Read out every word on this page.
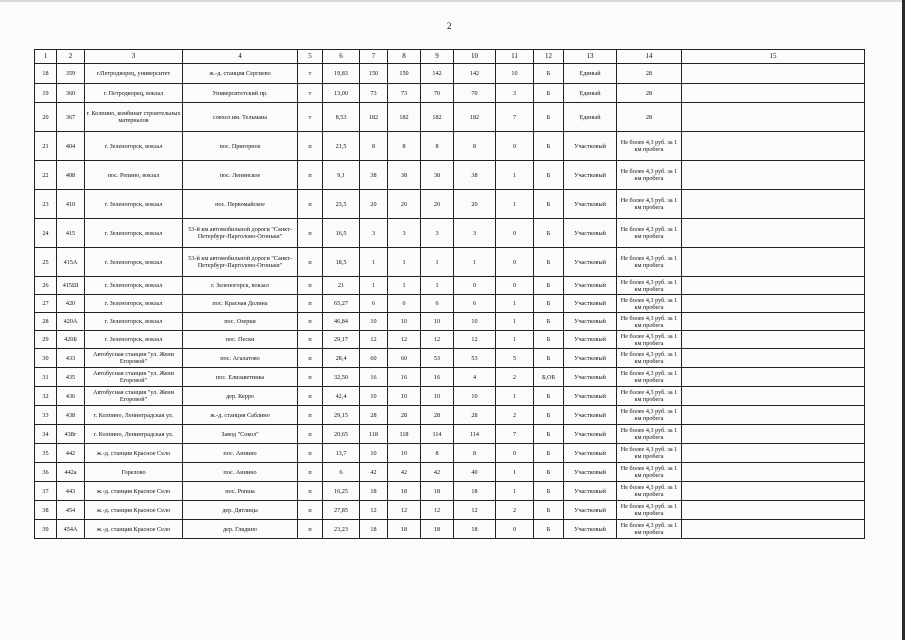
2
1	2	3	4	5	6	7	8	9	10	11	12	13	14	15
18	359	г.Петродворец, университет	ж.-д. станция Сергиево	т	19,83	150	150	142	142	10	Б	Единый	28	
19	360	г. Петродворец, вокзал	Университетский пр.	т	13,00	73	73	70	70	3	Б	Единый	28	
20	367	г. Колпино, комбинат строительных материалов	совхоз им. Тельмана	т	8,53	182	182	182	182	7	Б	Единый	28	
21	404	г. Зеленогорск, вокзал	пос. Пригорное	п	21,5	8	8	8	8	0	Б	Участковый	Не более 4,3 руб. за 1 км пробега	
22	408	пос. Репино, вокзал	пос. Ленинское	п	9,1	38	38	38	38	1	Б	Участковый	Не более 4,3 руб. за 1 км пробега	
23	410	г. Зеленогорск, вокзал	пос. Первомайское	п	23,5	20	20	20	20	1	Б	Участковый	Не более 4,3 руб. за 1 км пробега	
24	415	г. Зеленогорск, вокзал	53-й км автомобильной дороги "Санкт-Петербург-Парголово-Огоньки"	п	16,5	3	3	3	3	0	Б	Участковый	Не более 4,3 руб. за 1 км пробега	
25	415А	г. Зеленогорск, вокзал	53-й км автомобильной дороги "Санкт-Петербург-Парголово-Огоньки"	п	18,5	1	1	1	1	0	Б	Участковый	Не более 4,3 руб. за 1 км пробега	
26	415Ш	г. Зеленогорск, вокзал	г. Зеленогорск, вокзал	п	21	1	1	1	0	0	Б	Участковый	Не более 4,3 руб. за 1 км пробега	
27	420	г. Зеленогорск, вокзал	пос. Красная Долина	п	65,27	6	6	6	6	1	Б	Участковый	Не более 4,3 руб. за 1 км пробега	
28	420А	г. Зеленогорск, вокзал	пос. Озерки	п	46,84	10	10	10	10	1	Б	Участковый	Не более 4,3 руб. за 1 км пробега	
29	420Б	г. Зеленогорск, вокзал	пос. Пески	п	29,17	12	12	12	12	1	Б	Участковый	Не более 4,3 руб. за 1 км пробега	
30	433	Автобусная станция "ул. Жени Егоровой"	пос. Агалатово	п	28,4	60	60	53	53	5	Б	Участковый	Не более 4,3 руб. за 1 км пробега	
31	435	Автобусная станция "ул. Жени Егоровой"	пос. Елизаветинка	п	32,50	16	16	16	4	2	Б,ОБ	Участковый	Не более 4,3 руб. за 1 км пробега	
32	436	Автобусная станция "ул. Жени Егоровой"	дер. Керро	п	42,4	10	10	10	10	1	Б	Участковый	Не более 4,3 руб. за 1 км пробега	
33	438	г. Колпино, Ленинградская ул.	ж.-д. станция Саблино	п	29,15	28	28	28	28	2	Б	Участковый	Не более 4,3 руб. за 1 км пробега	
34	438г	г. Колпино, Ленинградская ул.	Завод "Сокол"	п	20,65	118	118	114	114	7	Б	Участковый	Не более 4,3 руб. за 1 км пробега	
35	442	ж.-д. станция Красное Село	пос. Аннино	п	13,7	10	10	8	8	0	Б	Участковый	Не более 4,3 руб. за 1 км пробега	
36	442а	Горелово	пос. Аннино	п	6	42	42	42	40	1	Б	Участковый	Не более 4,3 руб. за 1 км пробега	
37	443	ж.-д. станция Красное Село	пос. Ропша	п	16,25	18	18	18	18	1	Б	Участковый	Не более 4,3 руб. за 1 км пробега	
38	454	ж.-д. станция Красное Село	дер. Дятлицы	п	27,85	12	12	12	12	2	Б	Участковый	Не более 4,3 руб. за 1 км пробега	
39	454А	ж.-д. станция Красное Село	дер. Глядино	п	23,23	18	18	18	18	0	Б	Участковый	Не более 4,3 руб. за 1 км пробега	
· . ·
